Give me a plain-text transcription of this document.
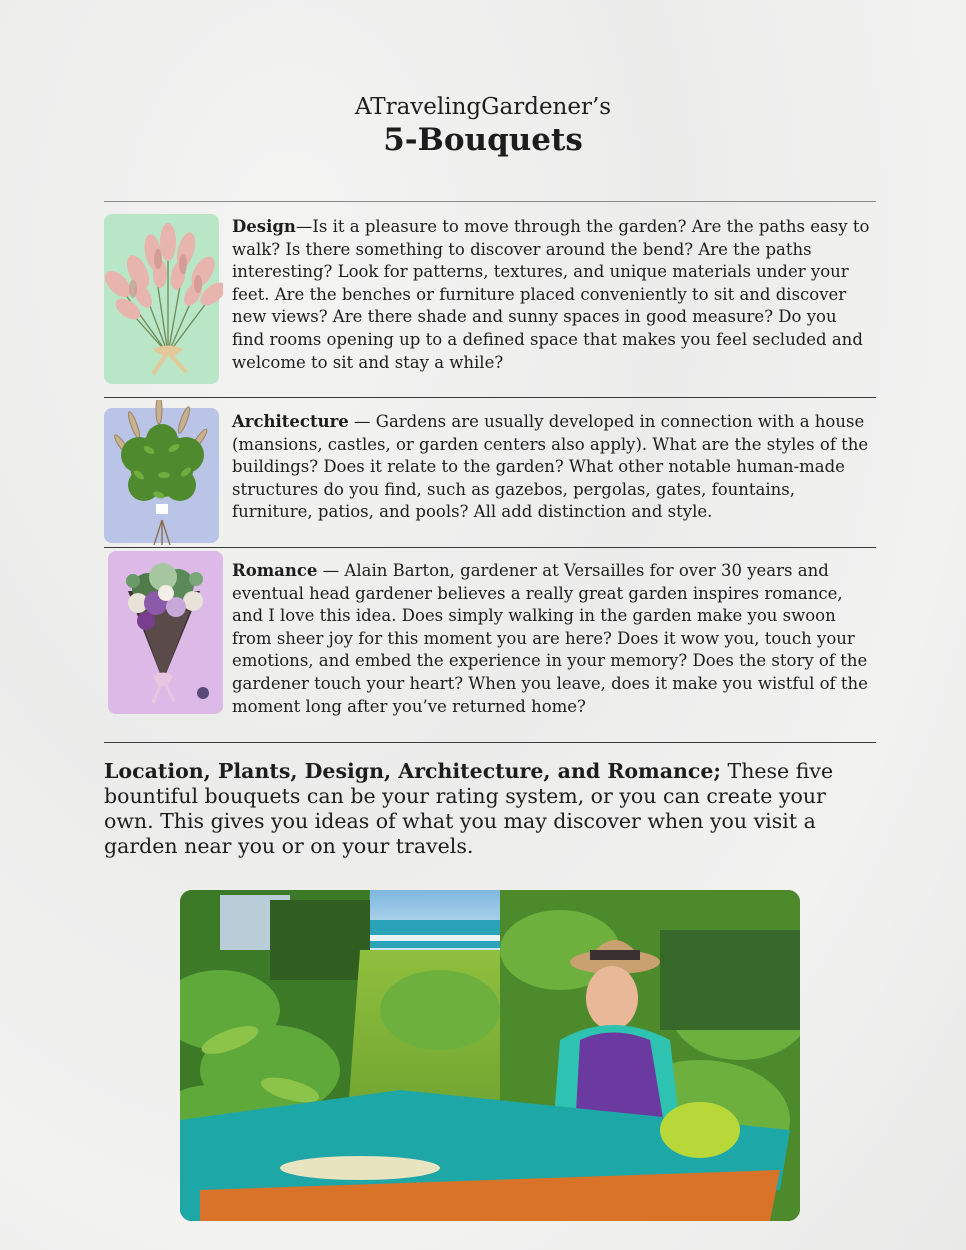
ATravelingGardener’s
5-Bouquets
Design—Is it a pleasure to move through the garden? Are the paths easy to walk? Is there something to discover around the bend? Are the paths interesting? Look for patterns, textures, and unique materials under your feet. Are the benches or furniture placed conveniently to sit and discover new views? Are there shade and sunny spaces in good measure? Do you find rooms opening up to a defined space that makes you feel secluded and welcome to sit and stay a while?
Architecture — Gardens are usually developed in connection with a house (mansions, castles, or garden centers also apply). What are the styles of the buildings? Does it relate to the garden? What other notable human-made structures do you find, such as gazebos, pergolas, gates, fountains, furniture, patios, and pools? All add distinction and style.
Romance — Alain Barton, gardener at Versailles for over 30 years and eventual head gardener believes a really great garden inspires romance, and I love this idea. Does simply walking in the garden make you swoon from sheer joy for this moment you are here? Does it wow you, touch your emotions, and embed the experience in your memory? Does the story of the gardener touch your heart? When you leave, does it make you wistful of the moment long after you’ve returned home?
Location, Plants, Design, Architecture, and Romance; These five bountiful bouquets can be your rating system, or you can create your own. This gives you ideas of what you may discover when you visit a garden near you or on your travels.
